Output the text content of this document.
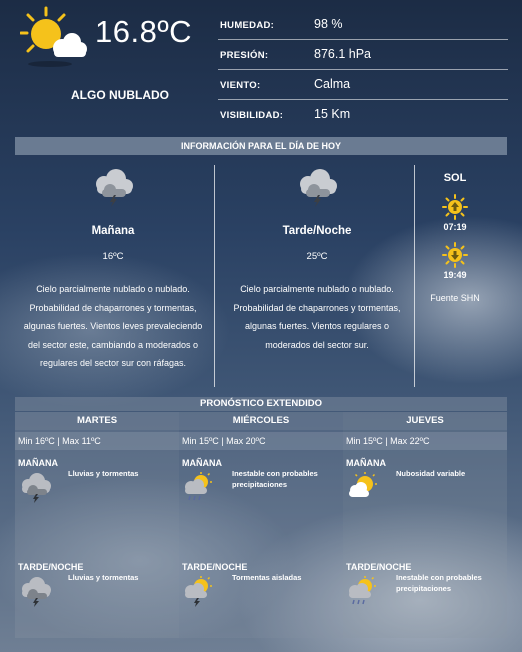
16.8ºC
ALGO NUBLADO
HUMEDAD:	98 %
PRESIÓN:	876.1 hPa
VIENTO:	Calma
VISIBILIDAD: 15 Km
INFORMACIÓN PARA EL DÍA DE HOY
Mañana
16ºC
Cielo parcialmente nublado o nublado. Probabilidad de chaparrones y tormentas, algunas fuertes. Vientos leves prevaleciendo del sector este, cambiando a moderados o regulares del sector sur con ráfagas.
Tarde/Noche
25ºC
Cielo parcialmente nublado o nublado. Probabilidad de chaparrones y tormentas, algunas fuertes. Vientos regulares o moderados del sector sur.
SOL
07:19
19:49
Fuente SHN
PRONÓSTICO EXTENDIDO
MARTES
Min 16ºC | Max 11ºC
MAÑANA
Lluvias y tormentas
TARDE/NOCHE
Lluvias y tormentas
MIÉRCOLES
Min 15ºC | Max 20ºC
MAÑANA
Inestable con probables precipitaciones
TARDE/NOCHE
Tormentas aisladas
JUEVES
Min 15ºC | Max 22ºC
MAÑANA
Nubosidad variable
TARDE/NOCHE
Inestable con probables precipitaciones
